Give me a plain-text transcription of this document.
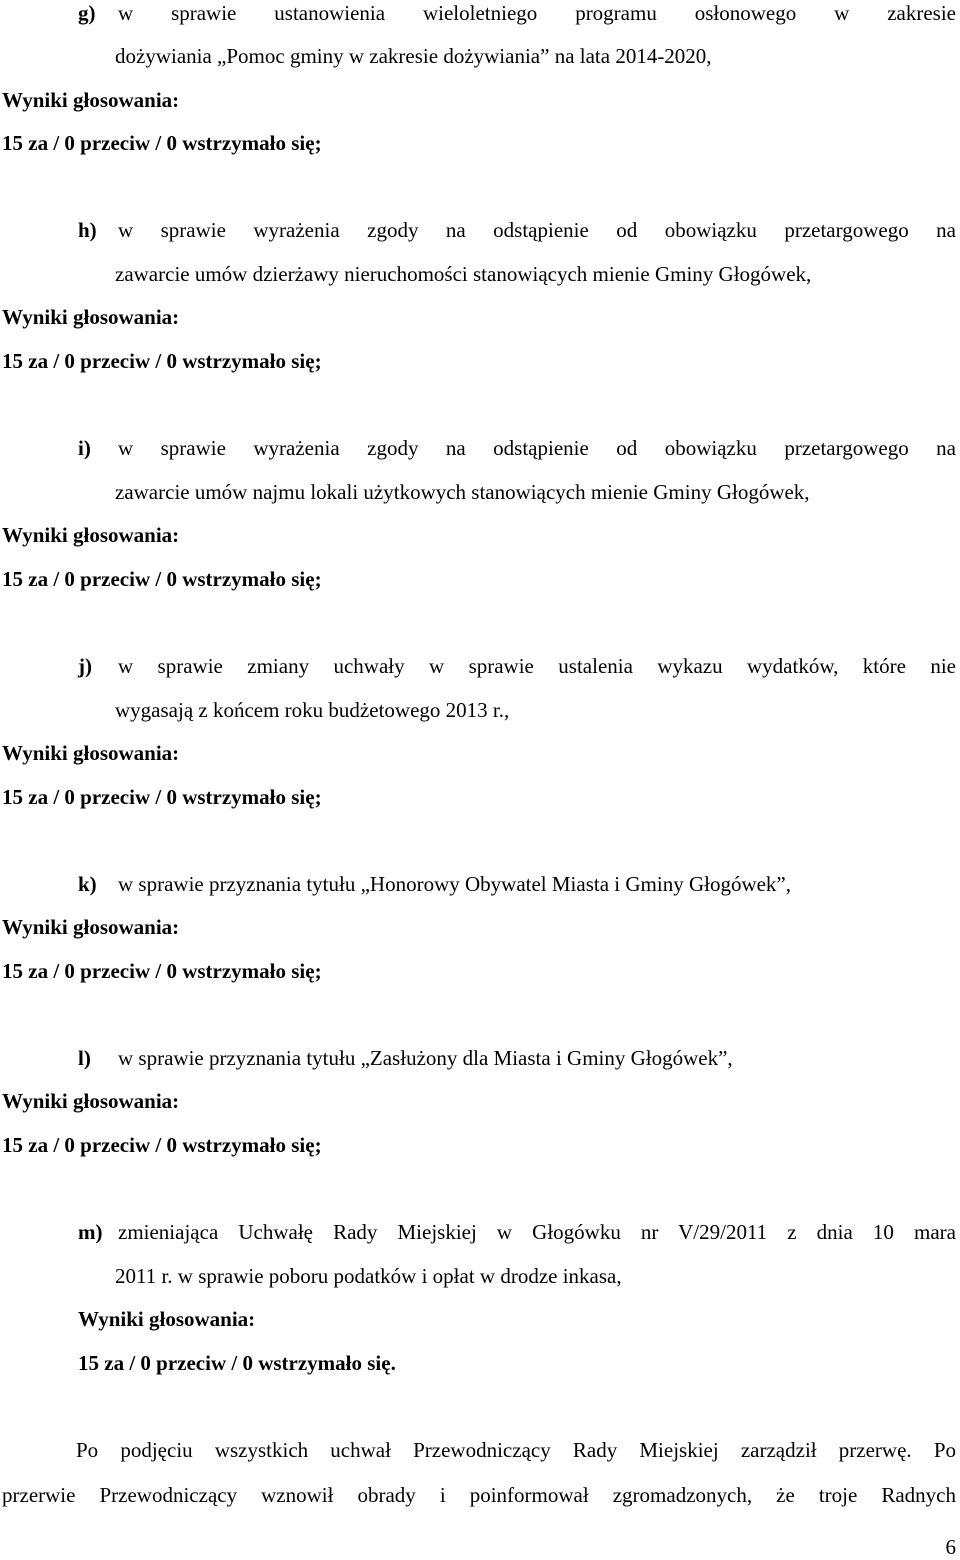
g) w sprawie ustanowienia wieloletniego programu osłonowego w zakresie
dożywiania „Pomoc gminy w zakresie dożywiania” na lata 2014-2020,
Wyniki głosowania:
15 za / 0 przeciw / 0 wstrzymało się;
h) w sprawie wyrażenia zgody na odstąpienie od obowiązku przetargowego na
zawarcie umów dzierżawy nieruchomości stanowiących mienie Gminy Głogówek,
Wyniki głosowania:
15 za / 0 przeciw / 0 wstrzymało się;
i) w sprawie wyrażenia zgody na odstąpienie od obowiązku przetargowego na
zawarcie umów najmu lokali użytkowych stanowiących mienie Gminy Głogówek,
Wyniki głosowania:
15 za / 0 przeciw / 0 wstrzymało się;
j) w sprawie zmiany uchwały w sprawie ustalenia wykazu wydatków, które nie
wygasają z końcem roku budżetowego 2013 r.,
Wyniki głosowania:
15 za / 0 przeciw / 0 wstrzymało się;
k) w sprawie przyznania tytułu „Honorowy Obywatel Miasta i Gminy Głogówek”,
Wyniki głosowania:
15 za / 0 przeciw / 0 wstrzymało się;
l) w sprawie przyznania tytułu „Zasłużony dla Miasta i Gminy Głogówek”,
Wyniki głosowania:
15 za / 0 przeciw / 0 wstrzymało się;
m) zmieniająca Uchwałę Rady Miejskiej w Głogówku nr V/29/2011 z dnia 10 mara
2011 r. w sprawie poboru podatków i opłat w drodze inkasa,
Wyniki głosowania:
15 za / 0 przeciw / 0 wstrzymało się.
Po podjęciu wszystkich uchwał Przewodniczący Rady Miejskiej zarządził przerwę. Po
przerwie Przewodniczący wznowił obrady i poinformował zgromadzonych, że troje Radnych
6
